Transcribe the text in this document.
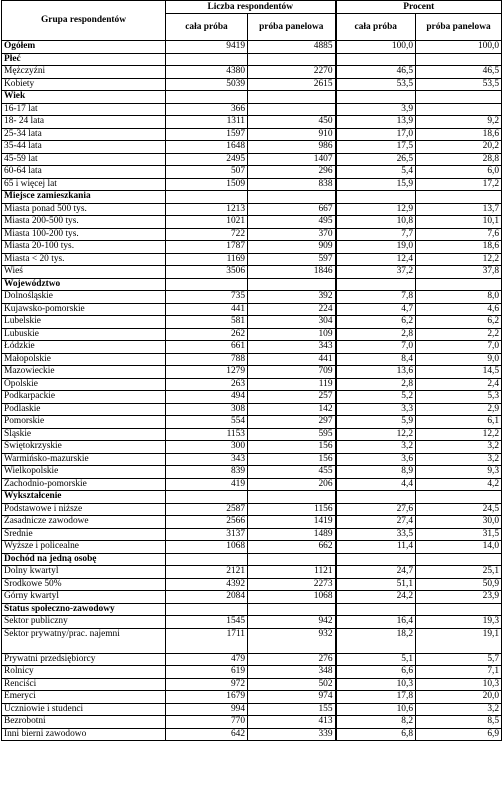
Grupa respondentów	Liczba respondentów		Procent	
	cała próba	próba panelowa	cała próba	próba panelowa
Ogółem	9419	4885	100,0	100,0
Płeć				
Mężczyźni	4380	2270	46,5	46,5
Kobiety	5039	2615	53,5	53,5
Wiek				
16-17 lat	366		3,9	
18- 24 lata	1311	450	13,9	9,2
25-34 lata	1597	910	17,0	18,6
35-44 lata	1648	986	17,5	20,2
45-59 lat	2495	1407	26,5	28,8
60-64 lata	507	296	5,4	6,0
65 i więcej lat	1509	838	15,9	17,2
Miejsce zamieszkania				
Miasta ponad 500 tys.	1213	667	12,9	13,7
Miasta 200-500 tys.	1021	495	10,8	10,1
Miasta 100-200 tys.	722	370	7,7	7,6
Miasta 20-100 tys.	1787	909	19,0	18,6
Miasta < 20 tys.	1169	597	12,4	12,2
Wieś	3506	1846	37,2	37,8
Województwo				
Dolnośląskie	735	392	7,8	8,0
Kujawsko-pomorskie	441	224	4,7	4,6
Lubelskie	581	304	6,2	6,2
Lubuskie	262	109	2,8	2,2
Łódzkie	661	343	7,0	7,0
Małopolskie	788	441	8,4	9,0
Mazowieckie	1279	709	13,6	14,5
Opolskie	263	119	2,8	2,4
Podkarpackie	494	257	5,2	5,3
Podlaskie	308	142	3,3	2,9
Pomorskie	554	297	5,9	6,1
Śląskie	1153	595	12,2	12,2
Świętokrzyskie	300	156	3,2	3,2
Warmińsko-mazurskie	343	156	3,6	3,2
Wielkopolskie	839	455	8,9	9,3
Zachodnio-pomorskie	419	206	4,4	4,2
Wykształcenie				
Podstawowe i niższe	2587	1156	27,6	24,5
Zasadnicze zawodowe	2566	1419	27,4	30,0
Średnie	3137	1489	33,5	31,5
Wyższe i policealne	1068	662	11,4	14,0
Dochód na jedną osobę				
Dolny kwartyl	2121	1121	24,7	25,1
Środkowe 50%	4392	2273	51,1	50,9
Górny kwartyl	2084	1068	24,2	23,9
Status społeczno-zawodowy				
Sektor publiczny	1545	942	16,4	19,3
Sektor prywatny/prac. najemni	1711	932	18,2	19,1
Prywatni przedsiębiorcy	479	276	5,1	5,7
Rolnicy	619	348	6,6	7,1
Renciści	972	502	10,3	10,3
Emeryci	1679	974	17,8	20,0
Uczniowie i studenci	994	155	10,6	3,2
Bezrobotni	770	413	8,2	8,5
Inni bierni zawodowo	642	339	6,8	6,9
